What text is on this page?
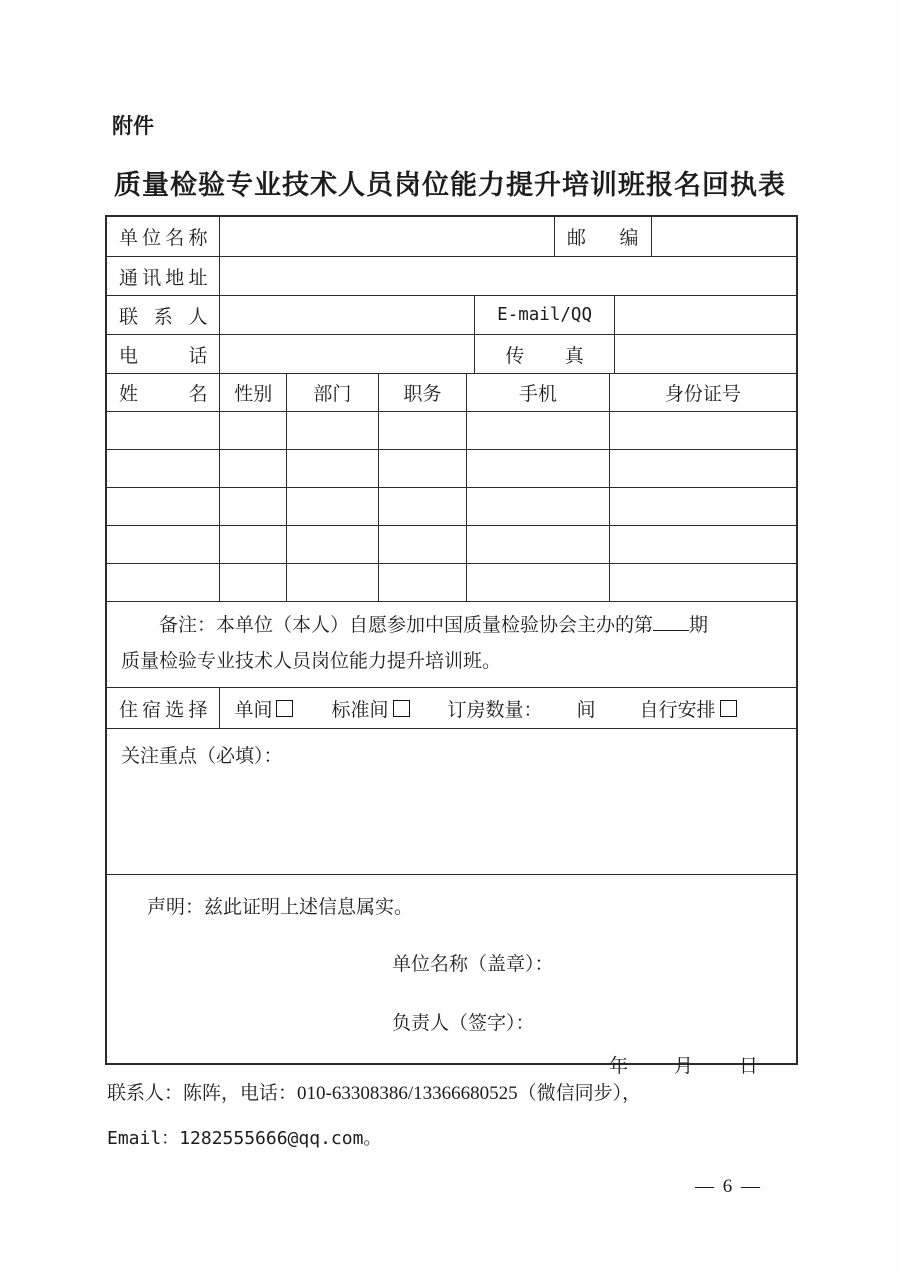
附件
质量检验专业技术人员岗位能力提升培训班报名回执表
单位名称	邮编
通讯地址
联系人	E-mail/QQ
电话	传真
姓名	性别	部门	职务	手机	身份证号

备注：本单位（本人）自愿参加中国质量检验协会主办的第 期

质量检验专业技术人员岗位能力提升培训班。

住宿选择	单间	标准间	订房数量： 间 自行安排
关注重点（必填）：

声明：兹此证明上述信息属实。

单位名称（盖章）：

负责人（签字）：

年 月 日
联系人：陈阵，电话：010-63308386/13366680525（微信同步），
Email：1282555666@qq.com。
— 6 —
